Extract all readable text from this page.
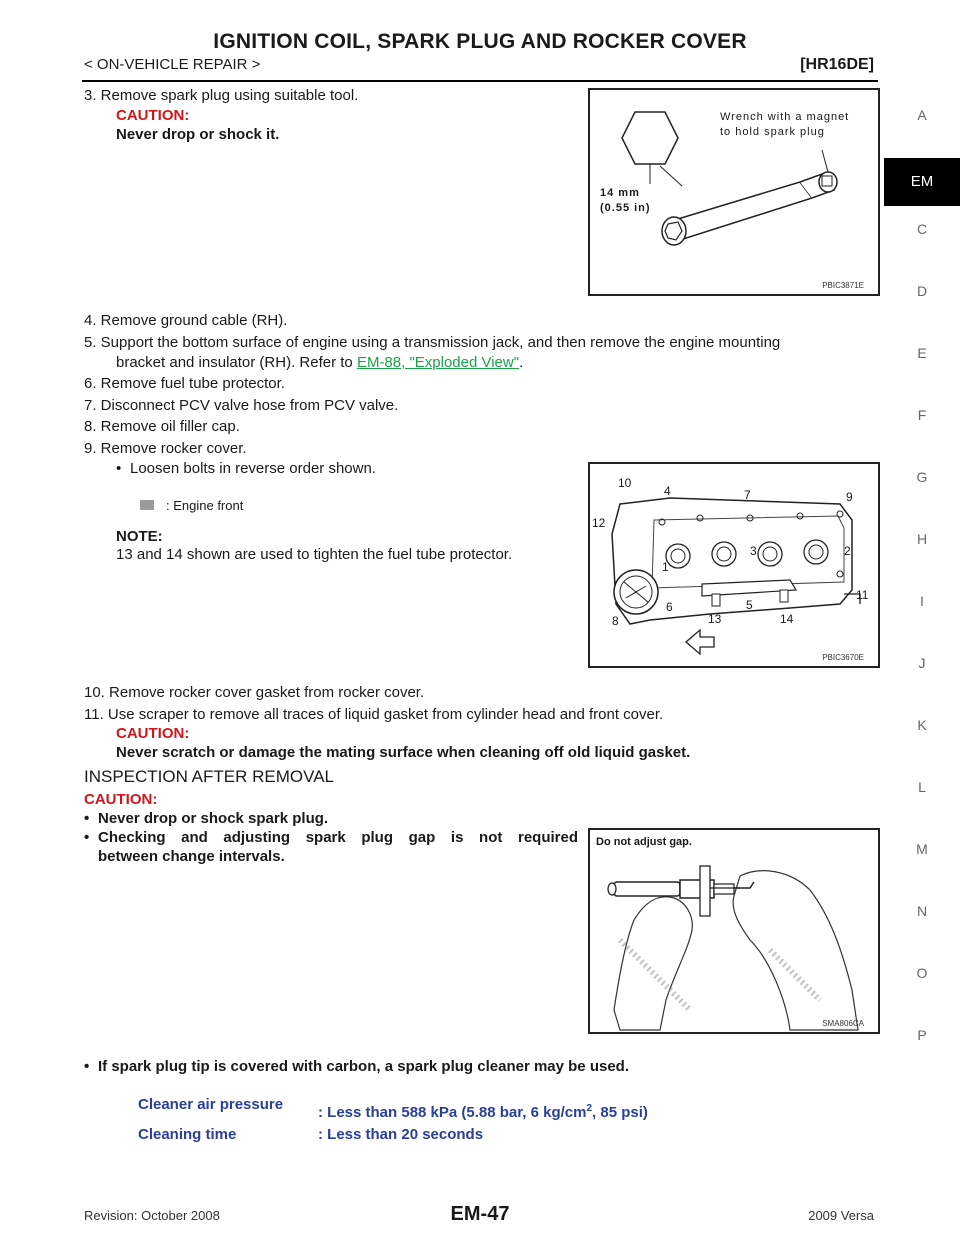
IGNITION COIL, SPARK PLUG AND ROCKER COVER
< ON-VEHICLE REPAIR >	[HR16DE]
A
EM
C
D
E
F
G
H
I
J
K
L
M
N
O
P
3. Remove spark plug using suitable tool.
CAUTION:
Never drop or shock it.
Wrench with a magnet
to hold spark plug
14 mm
(0.55 in)
PBIC3871E
4. Remove ground cable (RH).
5. Support the bottom surface of engine using a transmission jack, and then remove the engine mounting
bracket and insulator (RH). Refer to EM-88, "Exploded View".
6. Remove fuel tube protector.
7. Disconnect PCV valve hose from PCV valve.
8. Remove oil filler cap.
9. Remove rocker cover.
• Loosen bolts in reverse order shown.
: Engine front
NOTE:
13 and 14 shown are used to tighten the fuel tube protector.
10
4	7	9
12
3	2
1
11
6	5
13	14
8
PBIC3670E
10. Remove rocker cover gasket from rocker cover.
11. Use scraper to remove all traces of liquid gasket from cylinder head and front cover.
CAUTION:
Never scratch or damage the mating surface when cleaning off old liquid gasket.
INSPECTION AFTER REMOVAL
CAUTION:
• Never drop or shock spark plug.
• Checking and adjusting spark plug gap is not required
between change intervals.
Do not adjust gap.
SMA806CA
• If spark plug tip is covered with carbon, a spark plug cleaner may be used.
Cleaner air pressure : Less than 588 kPa (5.88 bar, 6 $kg/cm^2$, 85 psi)
Cleaning time	: Less than 20 seconds
Revision: October 2008	EM-47	2009 Versa
